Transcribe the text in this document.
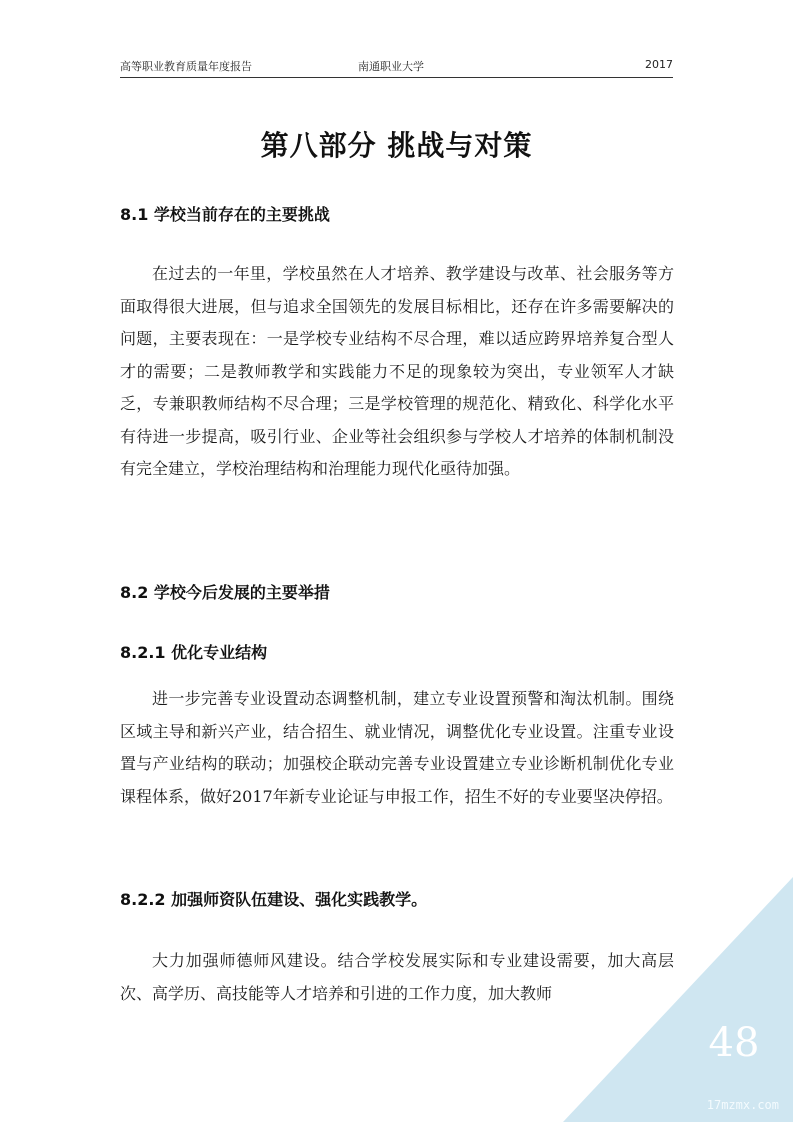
高等职业教育质量年度报告	南通职业大学	2017
第八部分 挑战与对策
8.1 学校当前存在的主要挑战

在过去的一年里，学校虽然在人才培养、教学建设与改革、社会服务等方面取得很大进展，但与追求全国领先的发展目标相比，还存在许多需要解决的问题，主要表现在：一是学校专业结构不尽合理，难以适应跨界培养复合型人才的需要；二是教师教学和实践能力不足的现象较为突出，专业领军人才缺乏，专兼职教师结构不尽合理；三是学校管理的规范化、精致化、科学化水平有待进一步提高，吸引行业、企业等社会组织参与学校人才培养的体制机制没有完全建立，学校治理结构和治理能力现代化亟待加强。

8.2 学校今后发展的主要举措
8.2.1 优化专业结构

进一步完善专业设置动态调整机制，建立专业设置预警和淘汰机制。围绕区域主导和新兴产业，结合招生、就业情况，调整优化专业设置。注重专业设置与产业结构的联动；加强校企联动完善专业设置建立专业诊断机制优化专业课程体系，做好2017年新专业论证与申报工作，招生不好的专业要坚决停招。

8.2.2 加强师资队伍建设、强化实践教学。

大力加强师德师风建设。结合学校发展实际和专业建设需要，加大高层次、高学历、高技能等人才培养和引进的工作力度，加大教师

48
17mzmx.com
